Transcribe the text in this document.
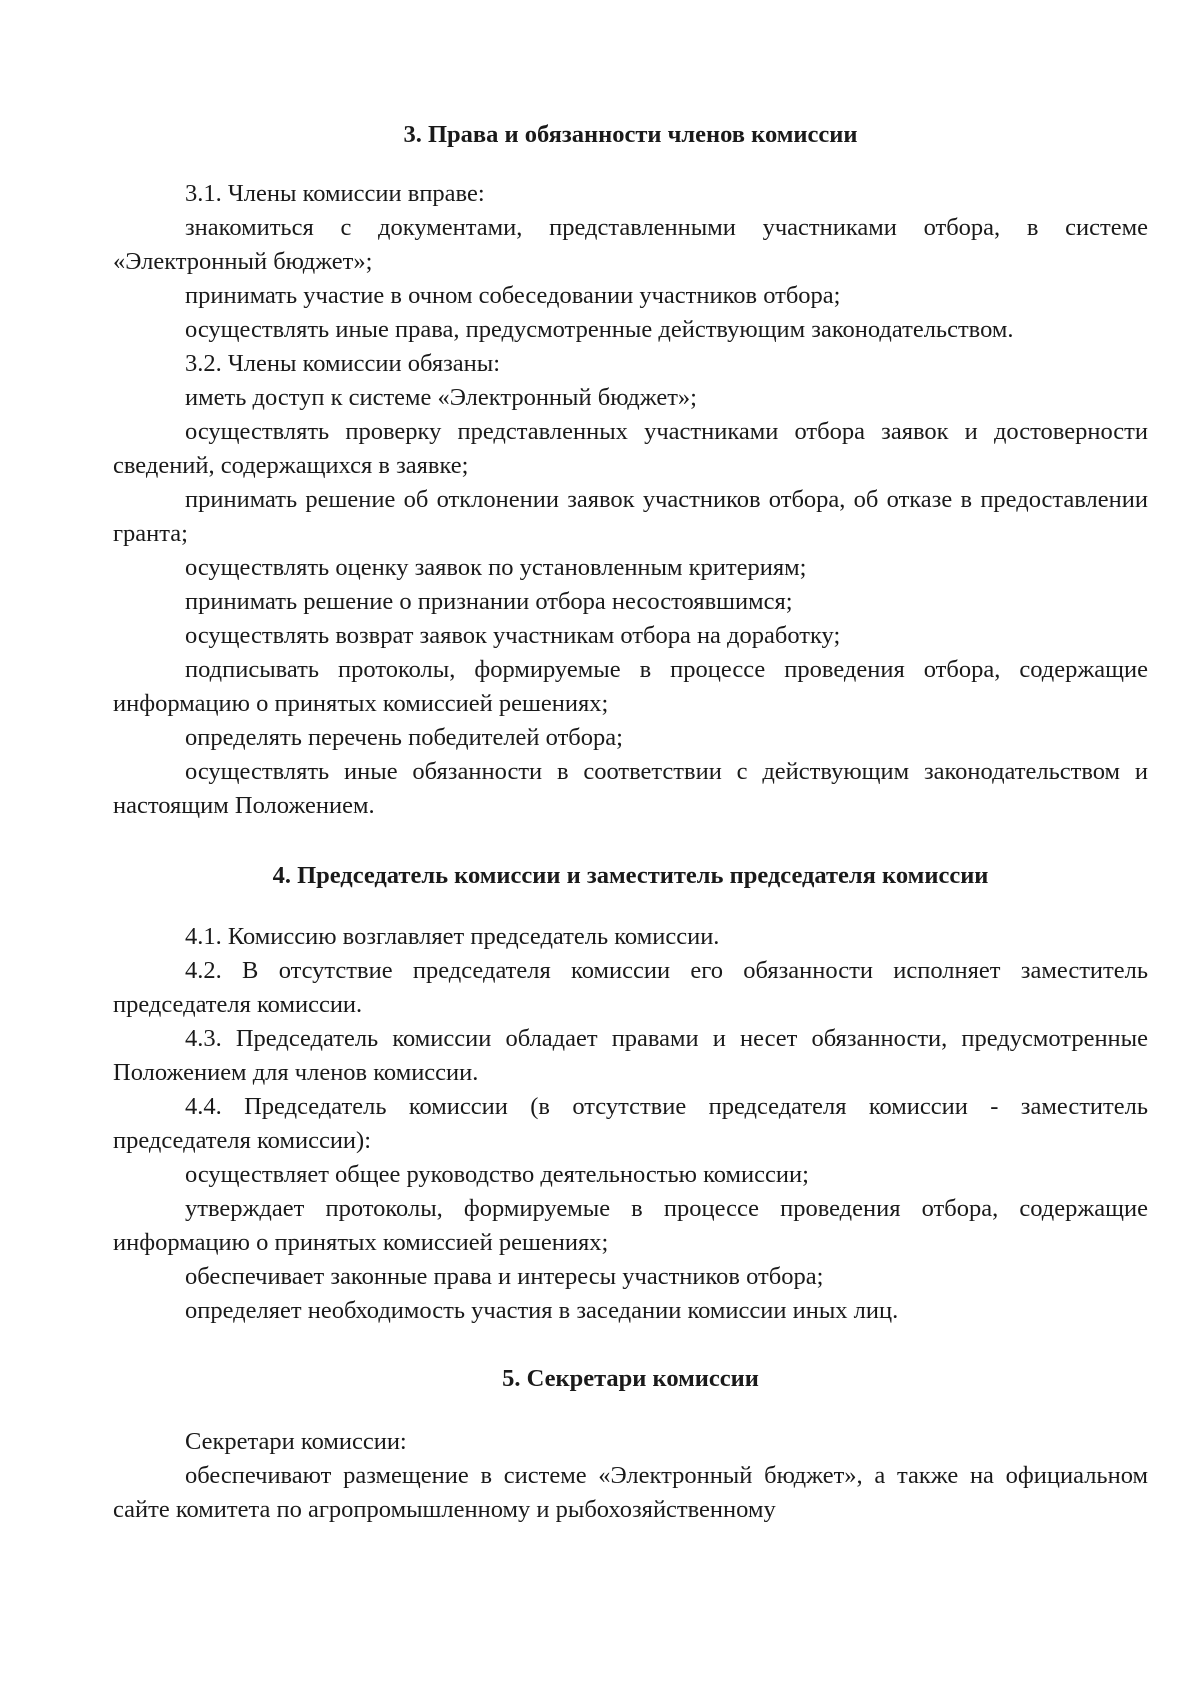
3. Права и обязанности членов комиссии

3.1. Члены комиссии вправе:

знакомиться с документами, представленными участниками отбора, в системе «Электронный бюджет»;

принимать участие в очном собеседовании участников отбора;

осуществлять иные права, предусмотренные действующим законодательством.

3.2. Члены комиссии обязаны:

иметь доступ к системе «Электронный бюджет»;

осуществлять проверку представленных участниками отбора заявок и достоверности сведений, содержащихся в заявке;

принимать решение об отклонении заявок участников отбора, об отказе в предоставлении гранта;

осуществлять оценку заявок по установленным критериям;

принимать решение о признании отбора несостоявшимся;

осуществлять возврат заявок участникам отбора на доработку;

подписывать протоколы, формируемые в процессе проведения отбора, содержащие информацию о принятых комиссией решениях;

определять перечень победителей отбора;

осуществлять иные обязанности в соответствии с действующим законодательством и настоящим Положением.

4. Председатель комиссии и заместитель председателя комиссии

4.1. Комиссию возглавляет председатель комиссии.

4.2. В отсутствие председателя комиссии его обязанности исполняет заместитель председателя комиссии.

4.3. Председатель комиссии обладает правами и несет обязанности, предусмотренные Положением для членов комиссии.

4.4. Председатель комиссии (в отсутствие председателя комиссии - заместитель председателя комиссии):

осуществляет общее руководство деятельностью комиссии;

утверждает протоколы, формируемые в процессе проведения отбора, содержащие информацию о принятых комиссией решениях;

обеспечивает законные права и интересы участников отбора;

определяет необходимость участия в заседании комиссии иных лиц.

5. Секретари комиссии

Секретари комиссии:

обеспечивают размещение в системе «Электронный бюджет», а также на официальном сайте комитета по агропромышленному и рыбохозяйственному
